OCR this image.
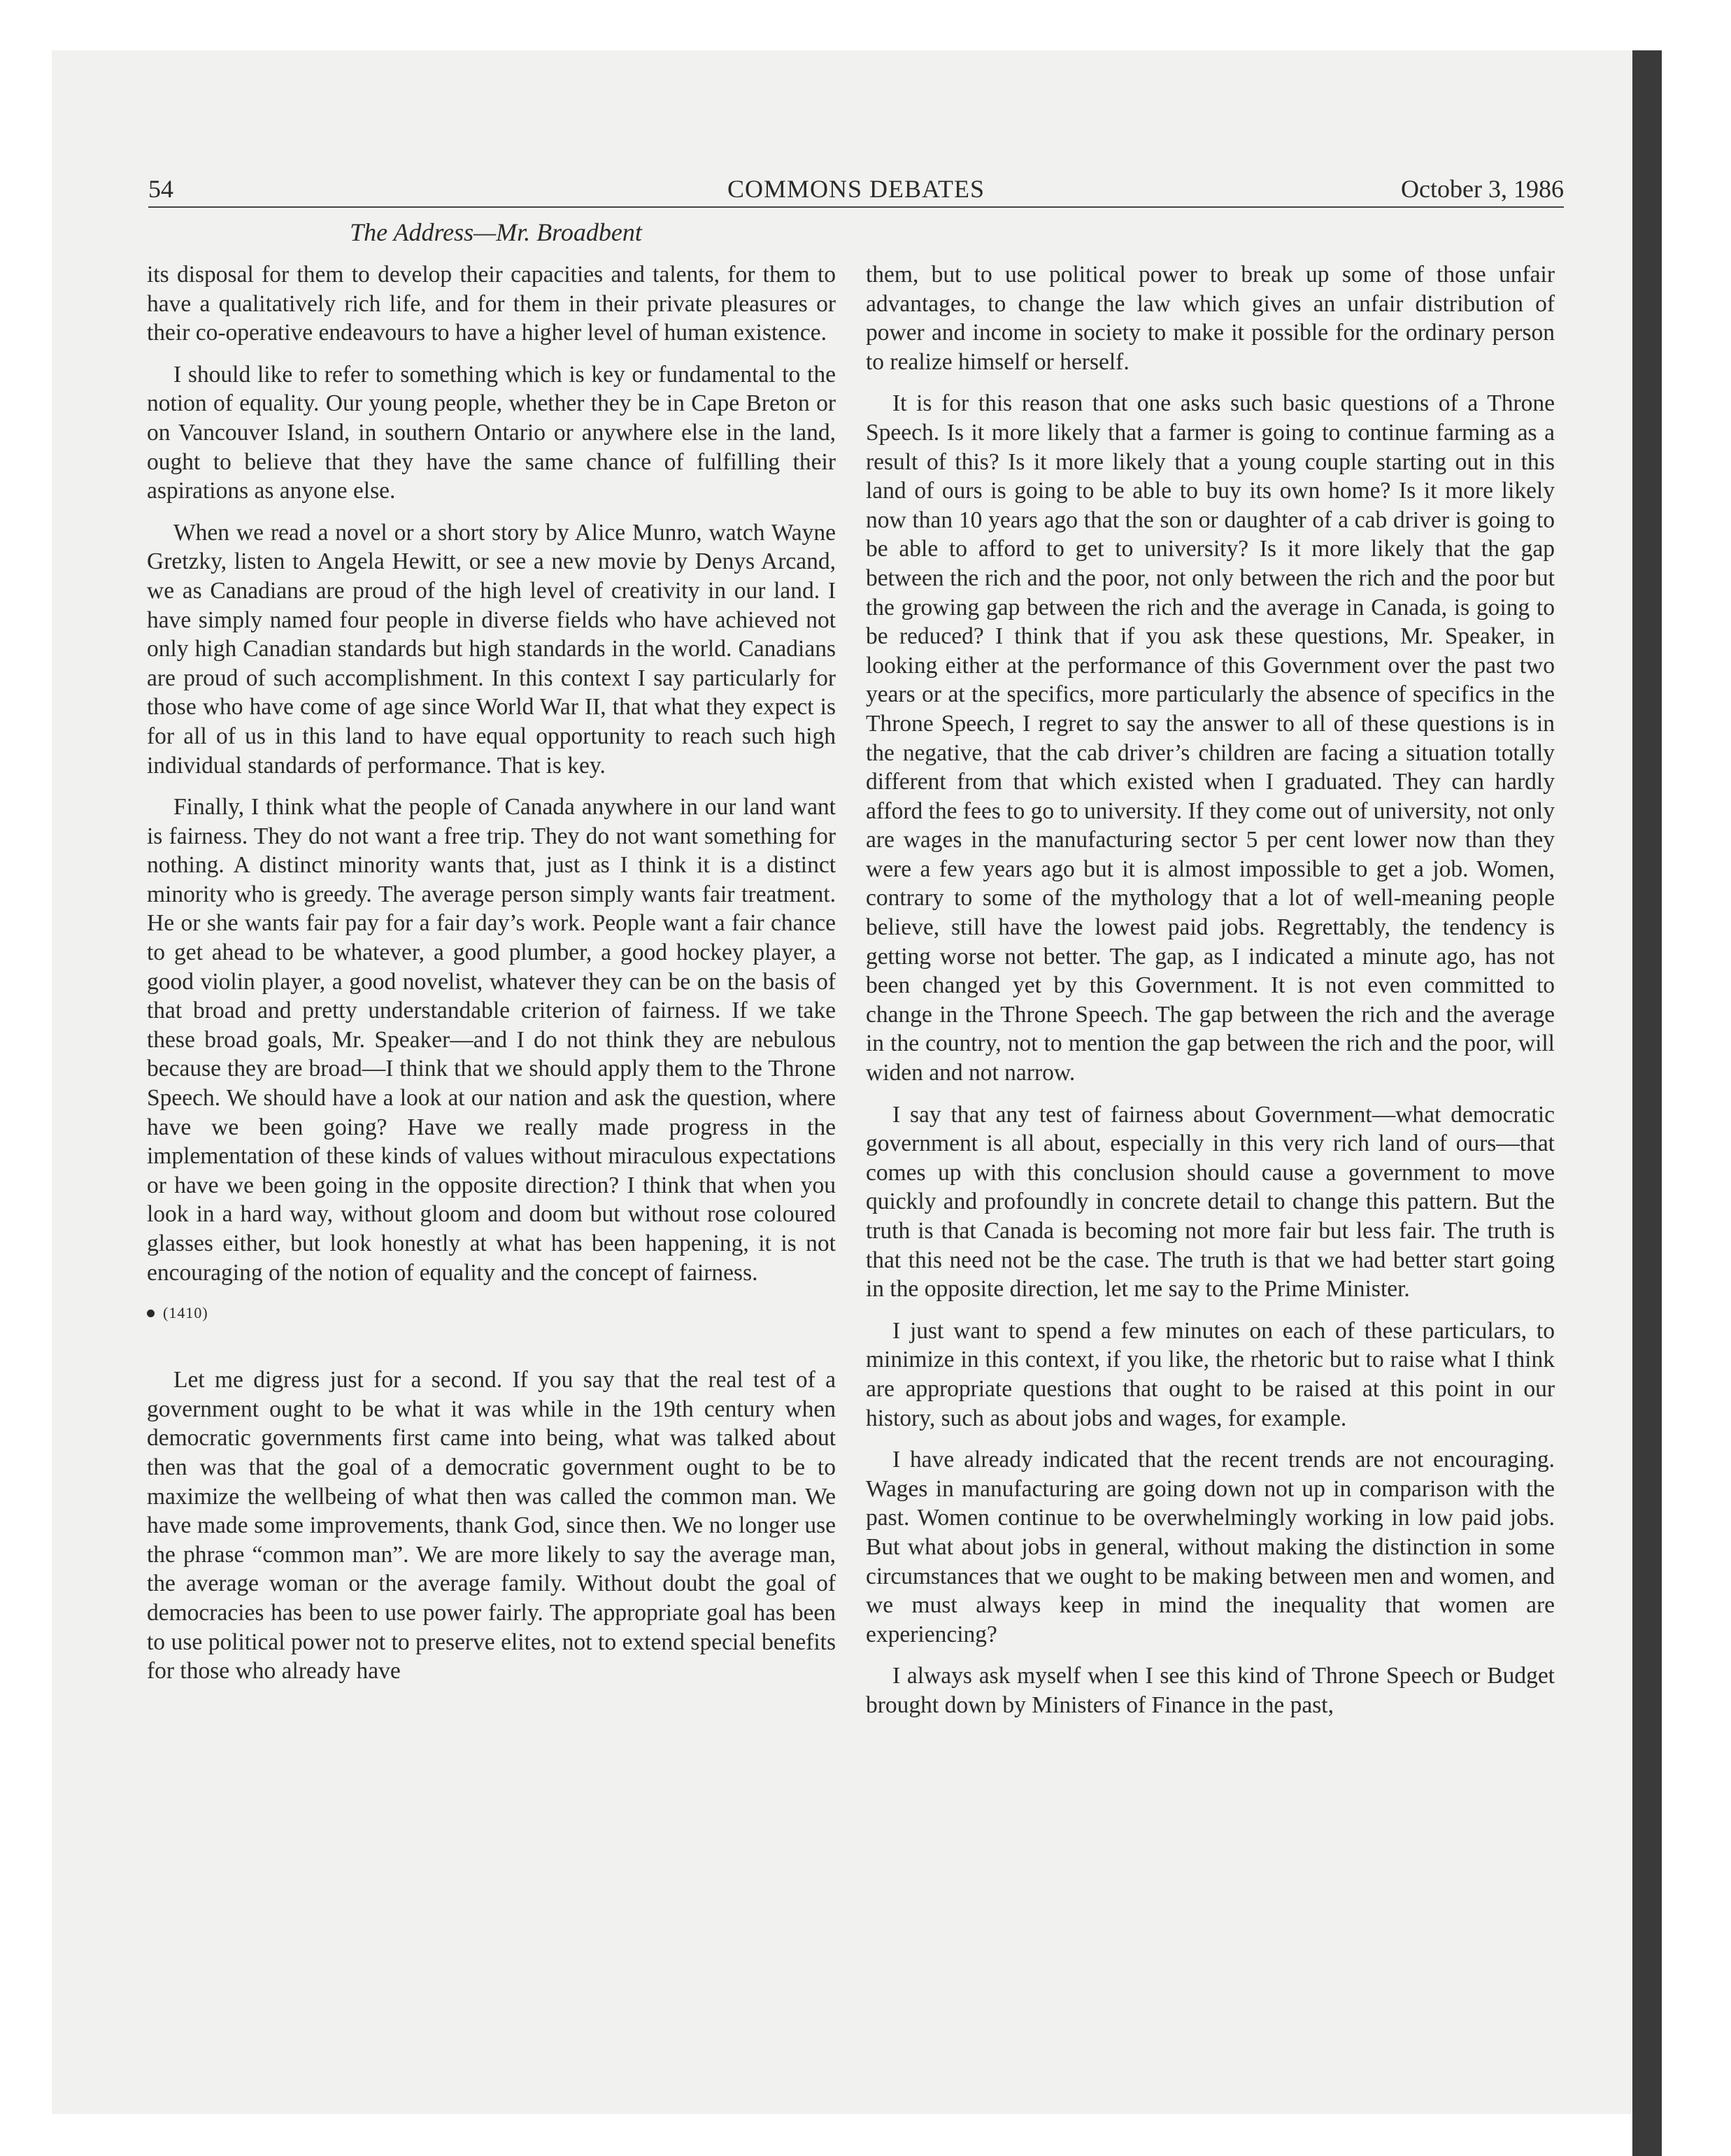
54	COMMONS DEBATES	October 3, 1986
The Address—Mr. Broadbent

its disposal for them to develop their capacities and talents, for them to have a qualitatively rich life, and for them in their private pleasures or their co-operative endeavours to have a higher level of human existence.

I should like to refer to something which is key or fundamental to the notion of equality. Our young people, whether they be in Cape Breton or on Vancouver Island, in southern Ontario or anywhere else in the land, ought to believe that they have the same chance of fulfilling their aspirations as anyone else.

When we read a novel or a short story by Alice Munro, watch Wayne Gretzky, listen to Angela Hewitt, or see a new movie by Denys Arcand, we as Canadians are proud of the high level of creativity in our land. I have simply named four people in diverse fields who have achieved not only high Canadian standards but high standards in the world. Canadians are proud of such accomplishment. In this context I say particularly for those who have come of age since World War II, that what they expect is for all of us in this land to have equal opportunity to reach such high individual standards of performance. That is key.

Finally, I think what the people of Canada anywhere in our land want is fairness. They do not want a free trip. They do not want something for nothing. A distinct minority wants that, just as I think it is a distinct minority who is greedy. The average person simply wants fair treatment. He or she wants fair pay for a fair day’s work. People want a fair chance to get ahead to be whatever, a good plumber, a good hockey player, a good violin player, a good novelist, whatever they can be on the basis of that broad and pretty understandable criterion of fairness. If we take these broad goals, Mr. Speaker—and I do not think they are nebulous because they are broad—I think that we should apply them to the Throne Speech. We should have a look at our nation and ask the question, where have we been going? Have we really made progress in the implementation of these kinds of values without miraculous expectations or have we been going in the opposite direction? I think that when you look in a hard way, without gloom and doom but without rose coloured glasses either, but look honestly at what has been happening, it is not encouraging of the notion of equality and the concept of fairness.

(1410)

Let me digress just for a second. If you say that the real test of a government ought to be what it was while in the 19th century when democratic governments first came into being, what was talked about then was that the goal of a democratic government ought to be to maximize the wellbeing of what then was called the common man. We have made some improvements, thank God, since then. We no longer use the phrase “common man”. We are more likely to say the average man, the average woman or the average family. Without doubt the goal of democracies has been to use power fairly. The appropriate goal has been to use political power not to preserve elites, not to extend special benefits for those who already have

them, but to use political power to break up some of those unfair advantages, to change the law which gives an unfair distribution of power and income in society to make it possible for the ordinary person to realize himself or herself.

It is for this reason that one asks such basic questions of a Throne Speech. Is it more likely that a farmer is going to continue farming as a result of this? Is it more likely that a young couple starting out in this land of ours is going to be able to buy its own home? Is it more likely now than 10 years ago that the son or daughter of a cab driver is going to be able to afford to get to university? Is it more likely that the gap between the rich and the poor, not only between the rich and the poor but the growing gap between the rich and the average in Canada, is going to be reduced? I think that if you ask these questions, Mr. Speaker, in looking either at the performance of this Government over the past two years or at the specifics, more particularly the absence of specifics in the Throne Speech, I regret to say the answer to all of these questions is in the negative, that the cab driver’s children are facing a situation totally different from that which existed when I graduated. They can hardly afford the fees to go to university. If they come out of university, not only are wages in the manufacturing sector 5 per cent lower now than they were a few years ago but it is almost impossible to get a job. Women, contrary to some of the mythology that a lot of well-meaning people believe, still have the lowest paid jobs. Regrettably, the tendency is getting worse not better. The gap, as I indicated a minute ago, has not been changed yet by this Government. It is not even committed to change in the Throne Speech. The gap between the rich and the average in the country, not to mention the gap between the rich and the poor, will widen and not narrow.

I say that any test of fairness about Government—what democratic government is all about, especially in this very rich land of ours—that comes up with this conclusion should cause a government to move quickly and profoundly in concrete detail to change this pattern. But the truth is that Canada is becoming not more fair but less fair. The truth is that this need not be the case. The truth is that we had better start going in the opposite direction, let me say to the Prime Minister.

I just want to spend a few minutes on each of these particulars, to minimize in this context, if you like, the rhetoric but to raise what I think are appropriate questions that ought to be raised at this point in our history, such as about jobs and wages, for example.

I have already indicated that the recent trends are not encouraging. Wages in manufacturing are going down not up in comparison with the past. Women continue to be overwhelmingly working in low paid jobs. But what about jobs in general, without making the distinction in some circumstances that we ought to be making between men and women, and we must always keep in mind the inequality that women are experiencing?

I always ask myself when I see this kind of Throne Speech or Budget brought down by Ministers of Finance in the past,
